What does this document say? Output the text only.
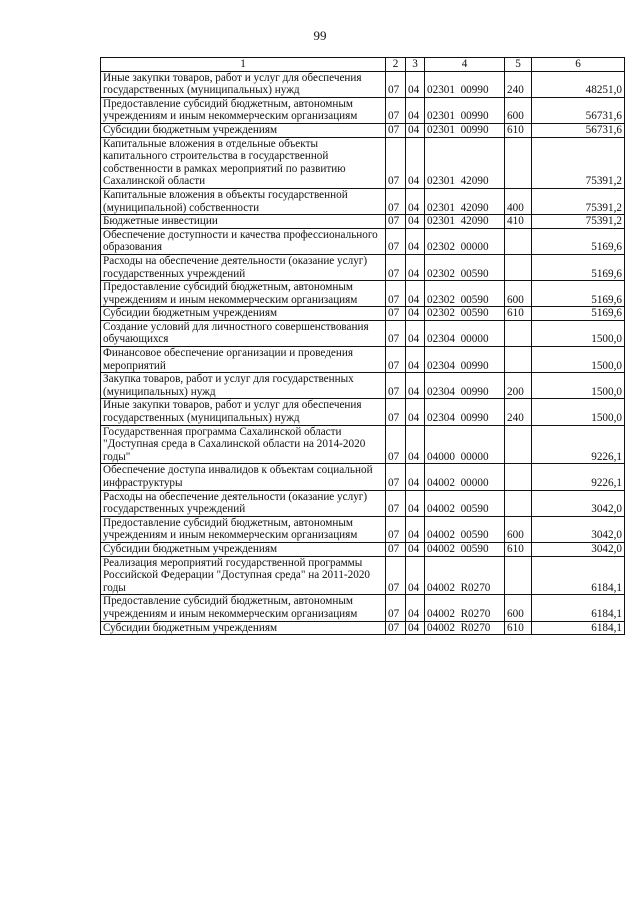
99
1	2	3	4	5	6
Иные закупки товаров, работ и услуг для обеспечения государственных (муниципальных) нужд	07	04	02301  00990	240	48251,0
Предоставление субсидий бюджетным, автономным учреждениям и иным некоммерческим организациям	07	04	02301  00990	600	56731,6
Субсидии бюджетным учреждениям	07	04	02301  00990	610	56731,6
Капитальные вложения в отдельные объекты капитального строительства в государственной собственности в рамках мероприятий по развитию Сахалинской области	07	04	02301  42090		75391,2
Капитальные вложения в объекты государственной (муниципальной) собственности	07	04	02301  42090	400	75391,2
Бюджетные инвестиции	07	04	02301  42090	410	75391,2
Обеспечение доступности и качества профессионального образования	07	04	02302  00000		5169,6
Расходы на обеспечение деятельности (оказание услуг) государственных учреждений	07	04	02302  00590		5169,6
Предоставление субсидий бюджетным, автономным учреждениям и иным некоммерческим организациям	07	04	02302  00590	600	5169,6
Субсидии бюджетным учреждениям	07	04	02302  00590	610	5169,6
Создание условий для личностного совершенствования обучающихся	07	04	02304  00000		1500,0
Финансовое обеспечение организации и проведения мероприятий	07	04	02304  00990		1500,0
Закупка товаров, работ и услуг для государственных (муниципальных) нужд	07	04	02304  00990	200	1500,0
Иные закупки товаров, работ и услуг для обеспечения государственных (муниципальных) нужд	07	04	02304  00990	240	1500,0
Государственная программа Сахалинской области "Доступная среда в Сахалинской области на 2014-2020 годы"	07	04	04000  00000		9226,1
Обеспечение доступа инвалидов к объектам социальной инфраструктуры	07	04	04002  00000		9226,1
Расходы на обеспечение деятельности (оказание услуг) государственных учреждений	07	04	04002  00590		3042,0
Предоставление субсидий бюджетным, автономным учреждениям и иным некоммерческим организациям	07	04	04002  00590	600	3042,0
Субсидии бюджетным учреждениям	07	04	04002  00590	610	3042,0
Реализация мероприятий государственной программы Российской Федерации "Доступная среда" на 2011-2020 годы	07	04	04002  R0270		6184,1
Предоставление субсидий бюджетным, автономным учреждениям и иным некоммерческим организациям	07	04	04002  R0270	600	6184,1
Субсидии бюджетным учреждениям	07	04	04002  R0270	610	6184,1
